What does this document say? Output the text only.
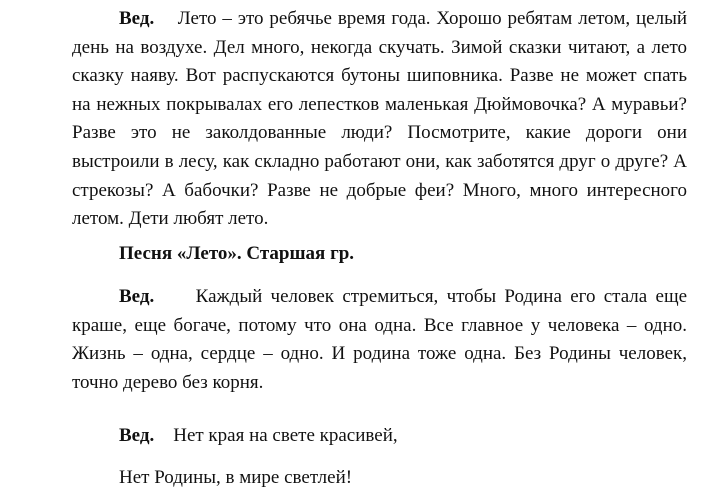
Вед. Лето – это ребячье время года. Хорошо ребятам летом, целый день на воздухе. Дел много, некогда скучать. Зимой сказки читают, а лето сказку наяву. Вот распускаются бутоны шиповника. Разве не может спать на нежных покрывалах его лепестков маленькая Дюймовочка? А муравьи? Разве это не заколдованные люди? Посмотрите, какие дороги они выстроили в лесу, как складно работают они, как заботятся друг о друге? А стрекозы? А бабочки? Разве не добрые феи? Много, много интересного летом. Дети любят лето.

Песня «Лето». Старшая гр.

Вед. Каждый человек стремиться, чтобы Родина его стала еще краше, еще богаче, потому что она одна. Все главное у человека – одно. Жизнь – одна, сердце – одно. И родина тоже одна. Без Родины человек, точно дерево без корня.

Вед. Нет края на свете красивей,

Нет Родины, в мире светлей!
